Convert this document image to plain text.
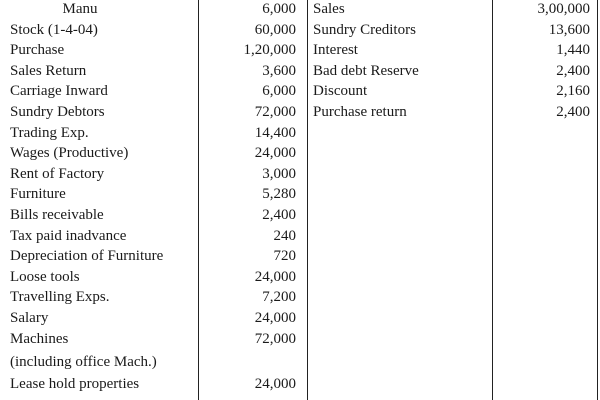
Manu	6,000 Sales	3,00,000
Stock (1-4-04)	60,000 Sundry Creditors	13,600
Purchase	1,20,000 Interest	1,440
Sales Return	3,600 Bad debt Reserve	2,400
Carriage Inward	6,000 Discount	2,160
Sundry Debtors	72,000 Purchase return	2,400
Trading Exp.	14,400
Wages (Productive)	24,000
Rent of Factory	3,000
Furniture	5,280
Bills receivable	2,400
Tax paid inadvance	240
Depreciation of Furniture	720
Loose tools	24,000
Travelling Exps.	7,200
Salary	24,000
Machines	72,000
(including office Mach.)
Lease hold properties	24,000
